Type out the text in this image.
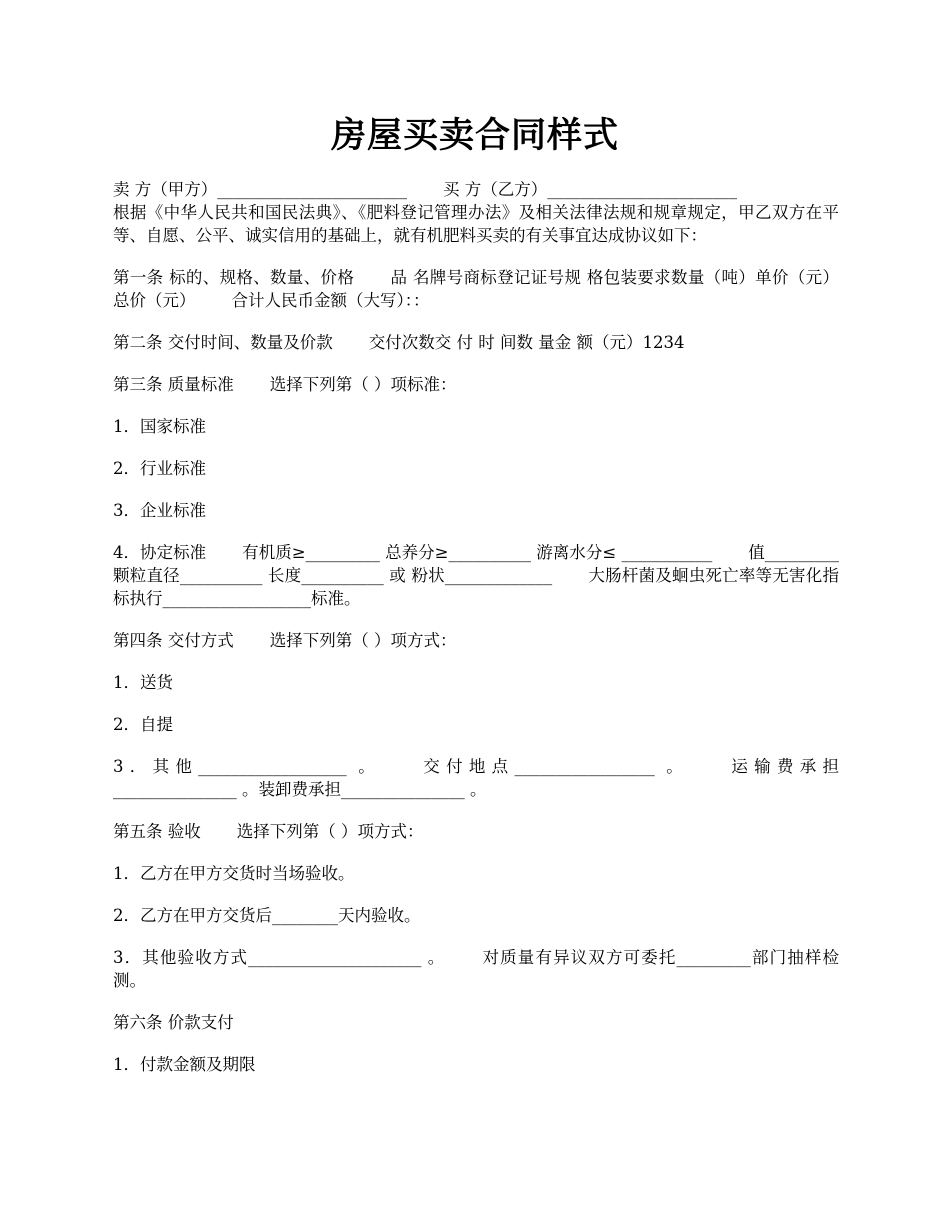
房屋买卖合同样式

卖 方（甲方）_______________________ 买 方（乙方）_______________________

根据《中华人民共和国民法典》、《肥料登记管理办法》及相关法律法规和规章规定，甲乙双方在平等、自愿、公平、诚实信用的基础上，就有机肥料买卖的有关事宜达成协议如下：

第一条 标的、规格、数量、价格 品 名牌号商标登记证号规 格包装要求数量（吨）单价（元）总价（元） 合计人民币金额（大写）：：

第二条 交付时间、数量及价款 交付次数交 付 时 间数 量金 额（元）1234

第三条 质量标准 选择下列第（ ）项标准：

1．国家标准

2．行业标准

3．企业标准

4．协定标准 有机质≥_________ 总养分≥__________ 游离水分≤ ___________ 值_________ 颗粒直径__________ 长度__________ 或 粉状_____________ 大肠杆菌及蛔虫死亡率等无害化指标执行__________________标准。

第四条 交付方式 选择下列第（ ）项方式：

1．送货

2．自提

3．其他__________________ 。 交付地点_________________ 。 运输费承担_______________ 。装卸费承担_______________ 。

第五条 验收 选择下列第（ ）项方式：

1．乙方在甲方交货时当场验收。

2．乙方在甲方交货后________天内验收。

3．其他验收方式_____________________ 。 对质量有异议双方可委托_________部门抽样检测。

第六条 价款支付

1．付款金额及期限
